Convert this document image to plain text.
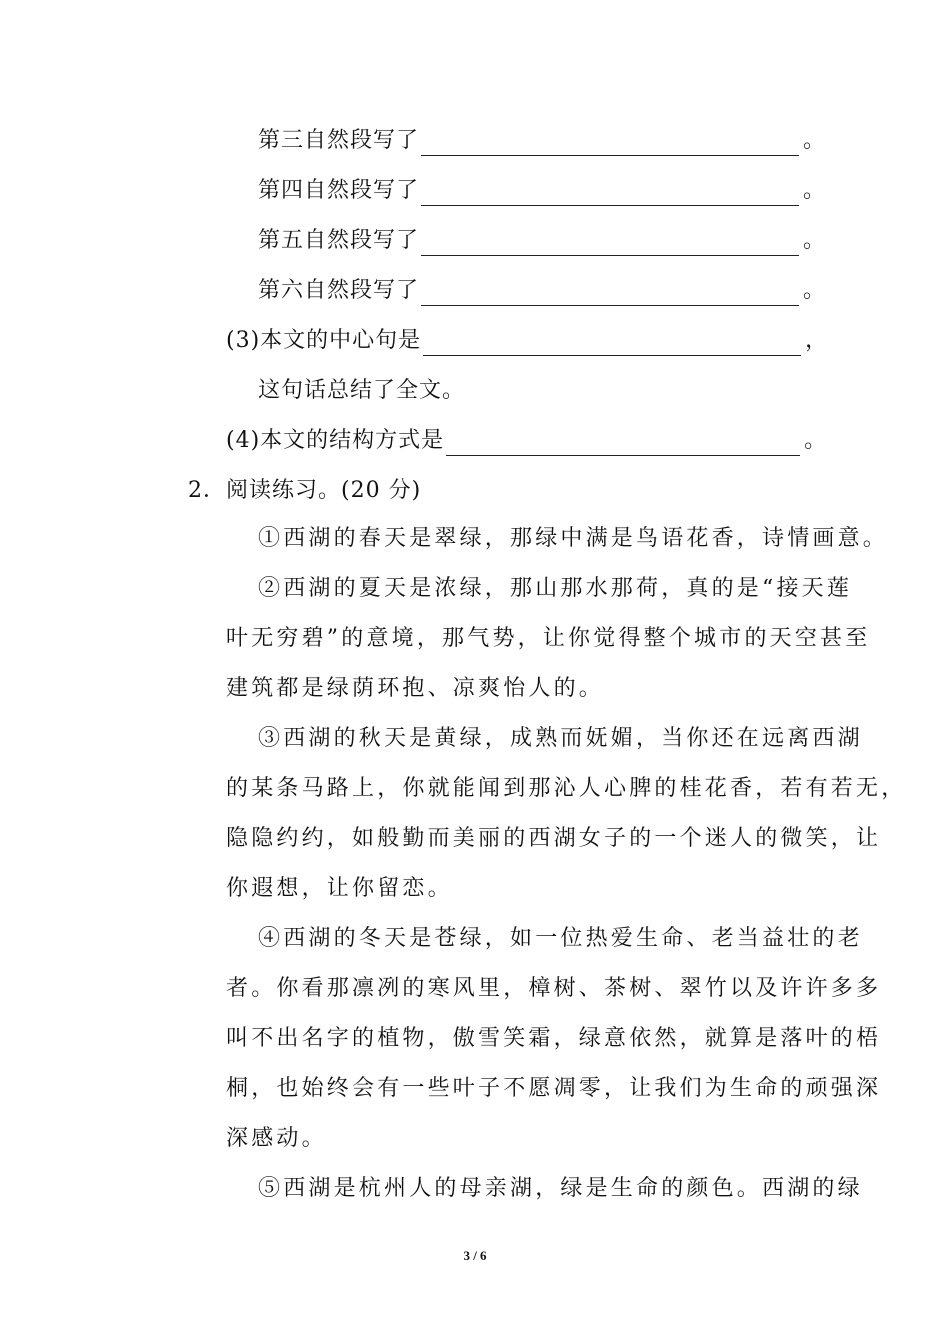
第三自然段写了	。
第四自然段写了	。
第五自然段写了	。
第六自然段写了	。
(3)本文的中心句是	，
这句话总结了全文。
(4)本文的结构方式是	。
2．阅读练习。(20 分)
①西湖的春天是翠绿，那绿中满是鸟语花香，诗情画意。
②西湖的夏天是浓绿，那山那水那荷，真的是“接天莲
叶无穷碧”的意境，那气势，让你觉得整个城市的天空甚至
建筑都是绿荫环抱、凉爽怡人的。
③西湖的秋天是黄绿，成熟而妩媚，当你还在远离西湖
的某条马路上，你就能闻到那沁人心脾的桂花香，若有若无，
隐隐约约，如般勤而美丽的西湖女子的一个迷人的微笑，让
你遐想，让你留恋。
④西湖的冬天是苍绿，如一位热爱生命、老当益壮的老
者。你看那凛冽的寒风里，樟树、茶树、翠竹以及许许多多
叫不出名字的植物，傲雪笑霜，绿意依然，就算是落叶的梧
桐，也始终会有一些叶子不愿凋零，让我们为生命的顽强深
深感动。
⑤西湖是杭州人的母亲湖，绿是生命的颜色。西湖的绿
3 / 6
